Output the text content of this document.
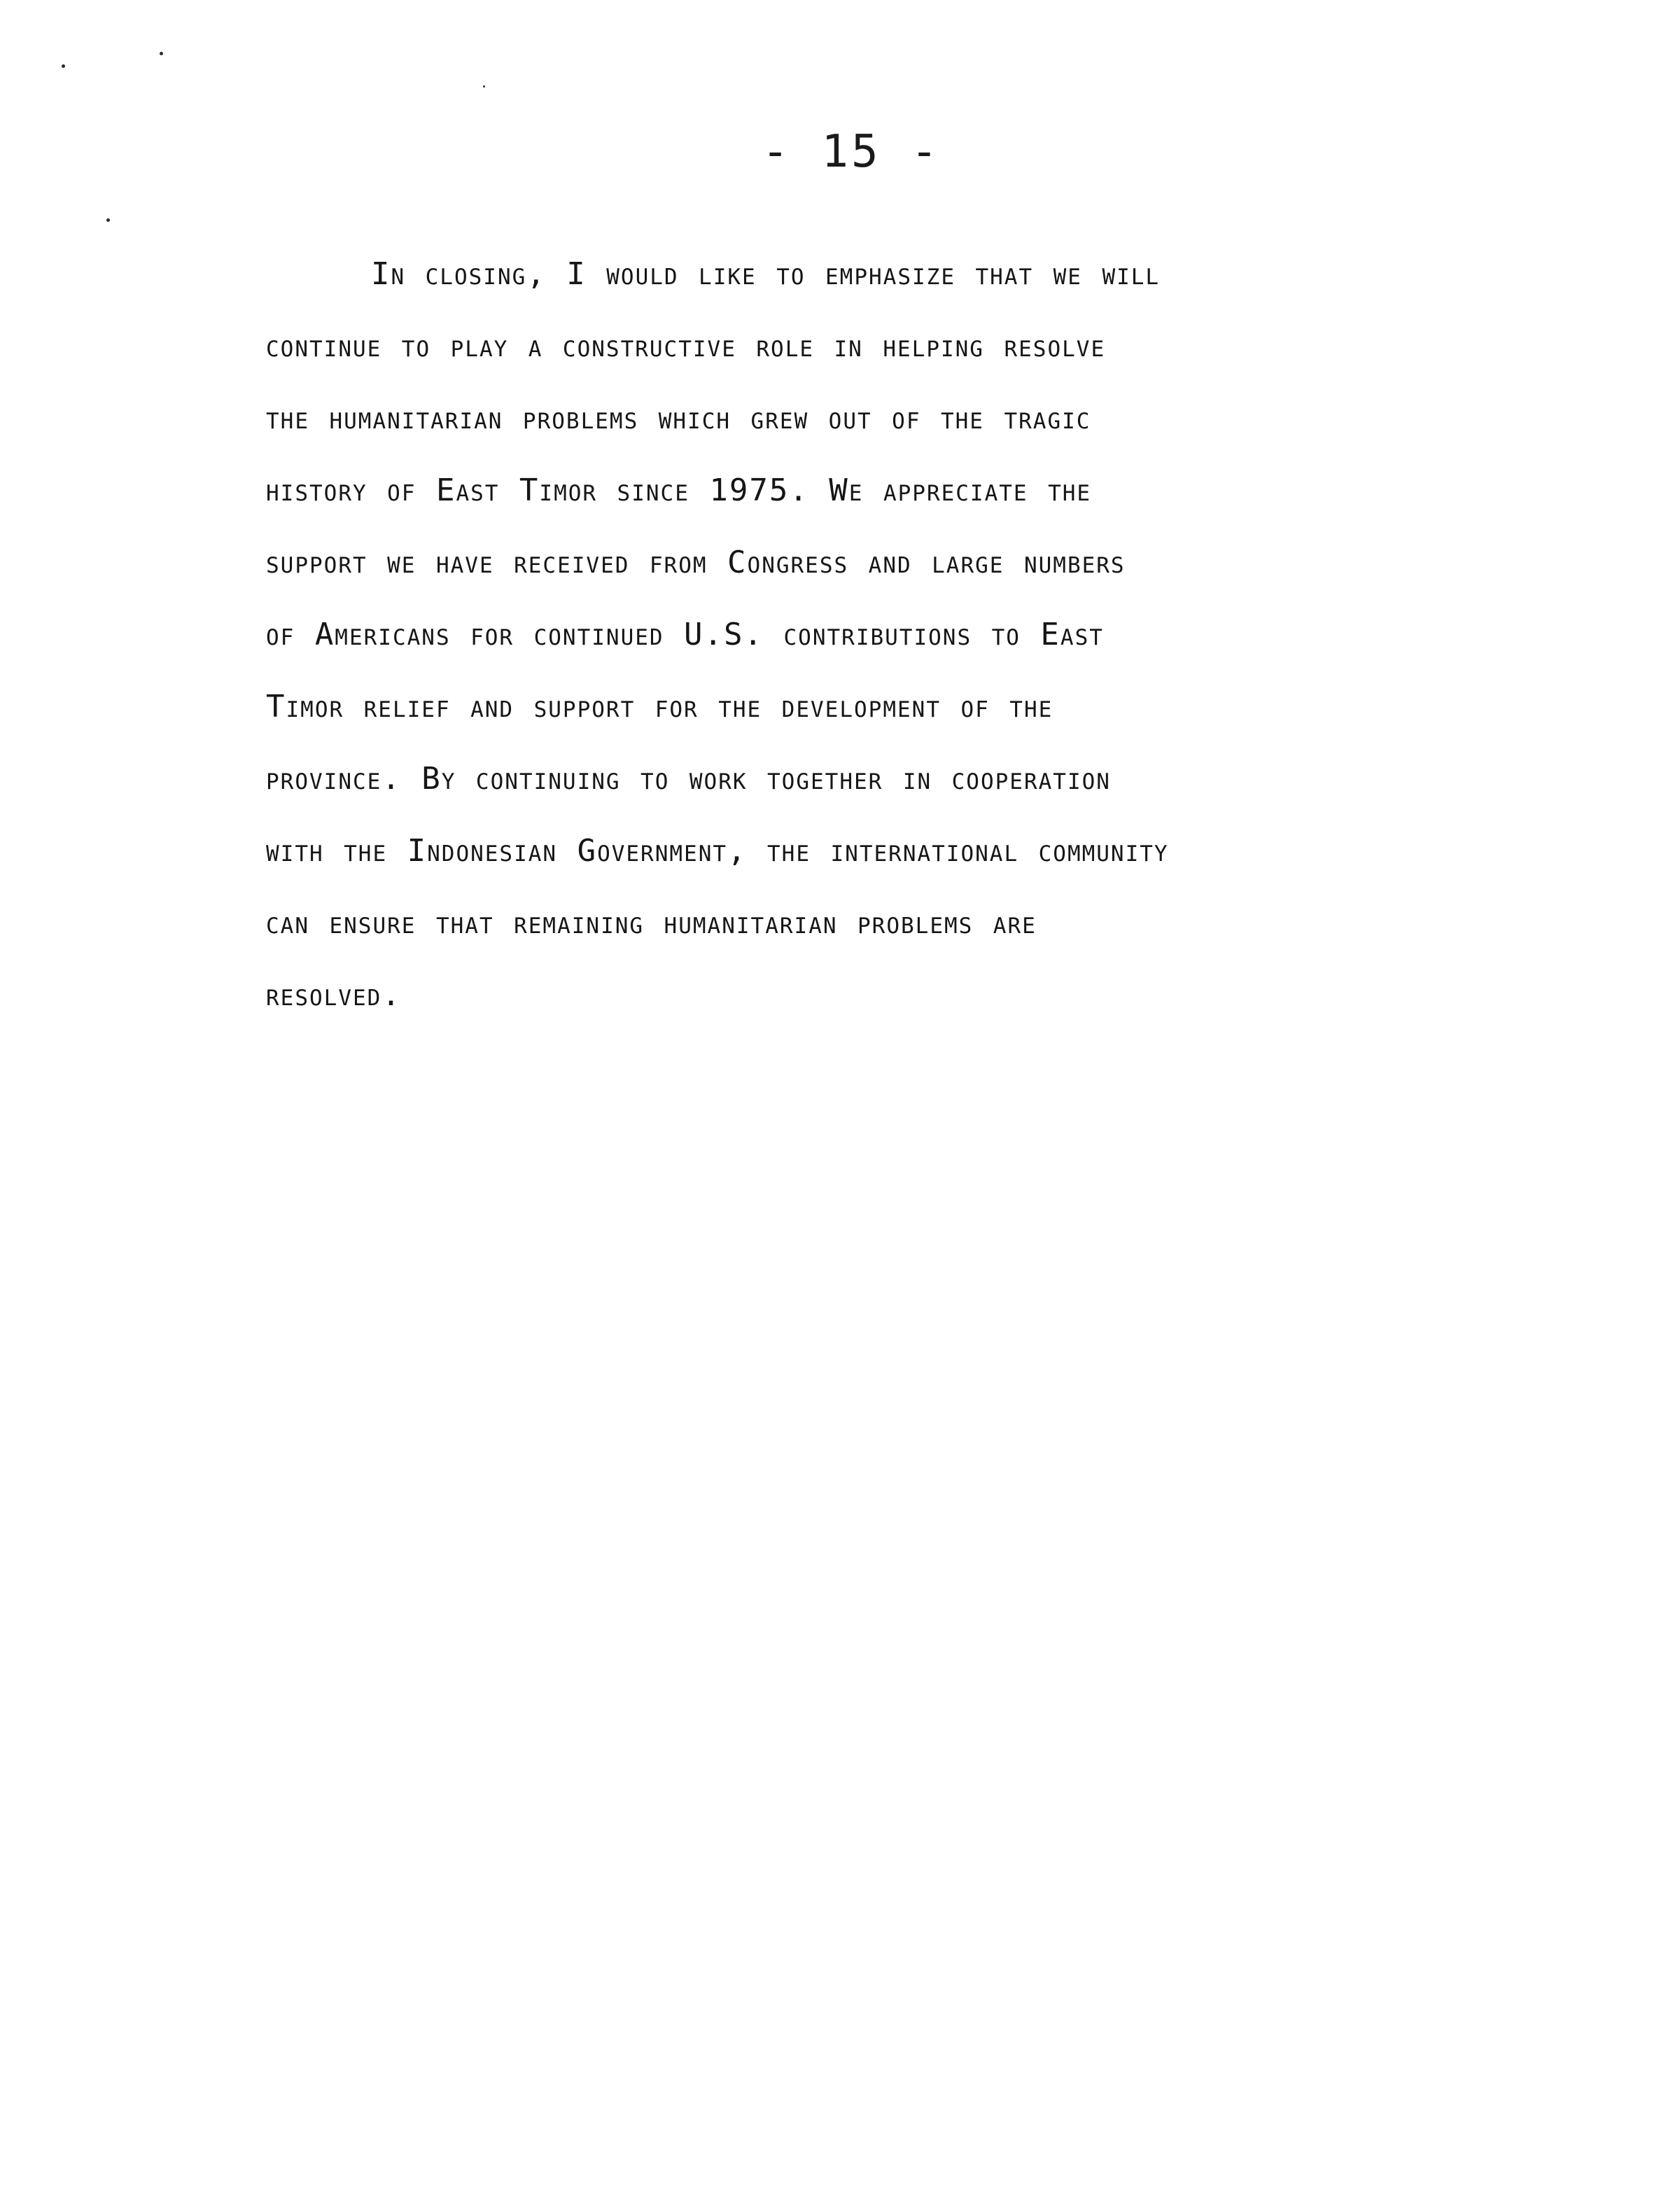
- 15 -
In closing, I would like to emphasize that we will
continue to play a constructive role in helping resolve
the humanitarian problems which grew out of the tragic
history of East Timor since 1975. We appreciate the
support we have received from Congress and large numbers
of Americans for continued U.S. contributions to East
Timor relief and support for the development of the
province. By continuing to work together in cooperation
with the Indonesian Government, the international community
can ensure that remaining humanitarian problems are
resolved.
